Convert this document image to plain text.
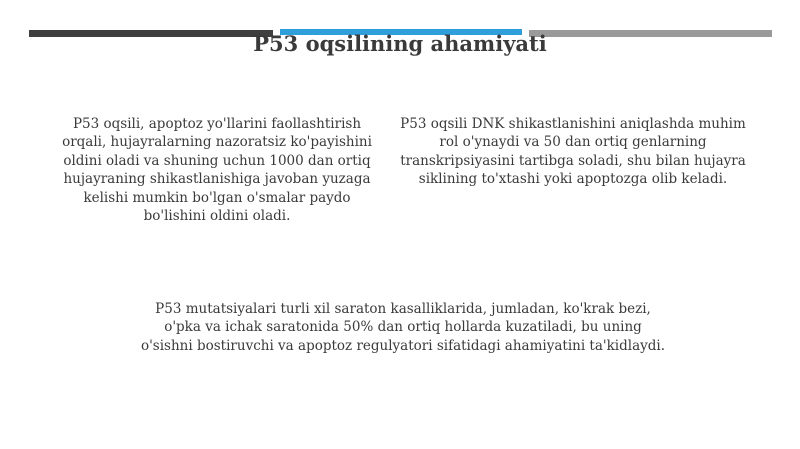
P53 oqsilining ahamiyati
P53 oqsili, apoptoz yo'llarini faollashtirish orqali, hujayralarning nazoratsiz ko'payishini oldini oladi va shuning uchun 1000 dan ortiq hujayraning shikastlanishiga javoban yuzaga kelishi mumkin bo'lgan o'smalar paydo bo'lishini oldini oladi.
P53 oqsili DNK shikastlanishini aniqlashda muhim rol o'ynaydi va 50 dan ortiq genlarning transkripsiyasini tartibga soladi, shu bilan hujayra siklining to'xtashi yoki apoptozga olib keladi.
P53 mutatsiyalari turli xil saraton kasalliklarida, jumladan, ko'krak bezi, o'pka va ichak saratonida 50% dan ortiq hollarda kuzatiladi, bu uning o'sishni bostiruvchi va apoptoz regulyatori sifatidagi ahamiyatini ta'kidlaydi.
